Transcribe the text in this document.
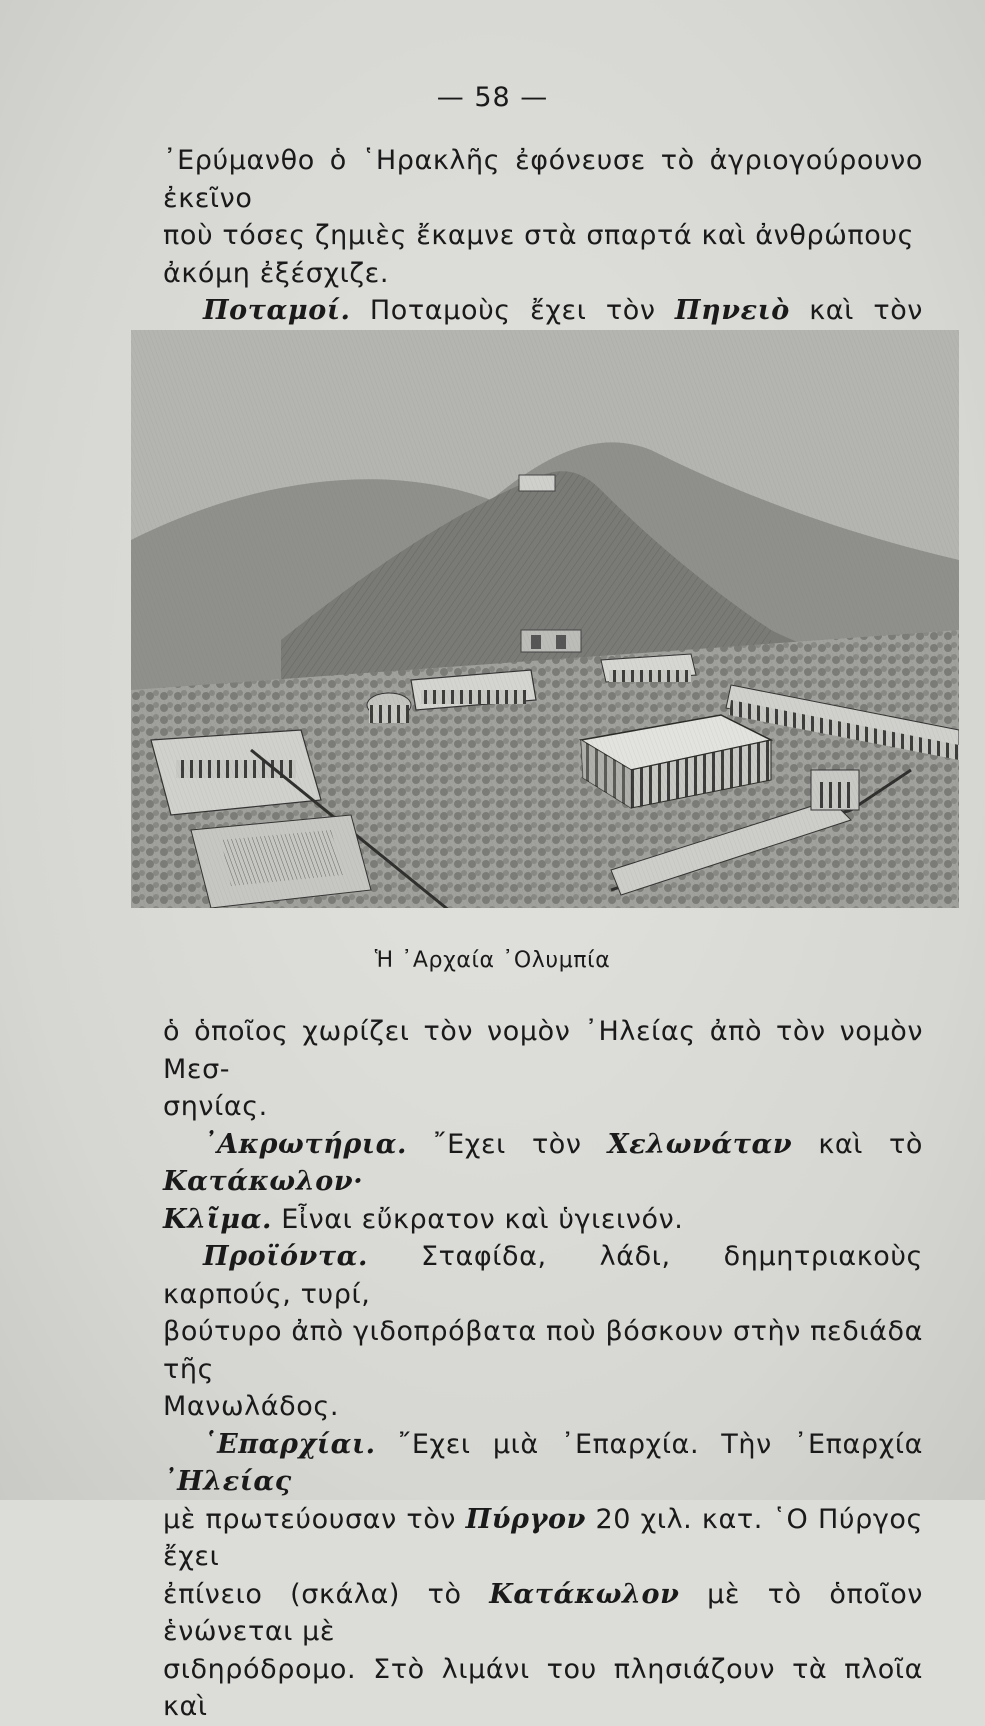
— 58 —

᾿Ερύμανθο ὁ ῾Ηρακλῆς ἐφόνευσε τὸ ἀγριογούρουνο ἐκεῖνο

ποὺ τόσες ζημιὲς ἔκαμνε στὰ σπαρτά καὶ ἀνθρώπους

ἀκόμη ἐξέσχιζε.

Ποταμοί. Ποταμοὺς ἔχει τὸν Πηνειὸ καὶ τὸν

Ἡ ᾿Αρχαία ᾿Ολυμπία

ὁ ὁποῖος χωρίζει τὸν νομὸν ᾿Ηλείας ἀπὸ τὸν νομὸν Μεσ-

σηνίας.

᾿Ακρωτήρια. ῎Εχει τὸν Χελωνάταν καὶ τὸ Κατάκωλον·

Κλῖμα. Εἶναι εὔκρατον καὶ ὑγιεινόν.

Προϊόντα. Σταφίδα, λάδι, δημητριακοὺς καρπούς, τυρί,

βούτυρο ἀπὸ γιδοπρόβατα ποὺ βόσκουν στὴν πεδιάδα τῆς

Μανωλάδος.

῾Επαρχίαι. ῎Εχει μιὰ ᾿Επαρχία. Τὴν ᾿Επαρχία ᾿Ηλείας

μὲ πρωτεύουσαν τὸν Πύργον 20 χιλ. κατ. ῾Ο Πύργος ἔχει

ἐπίνειο (σκάλα) τὸ Κατάκωλον μὲ τὸ ὁποῖον ἑνώνεται μὲ

σιδηρόδρομο. Στὸ λιμάνι του πλησιάζουν τὰ πλοῖα καὶ
